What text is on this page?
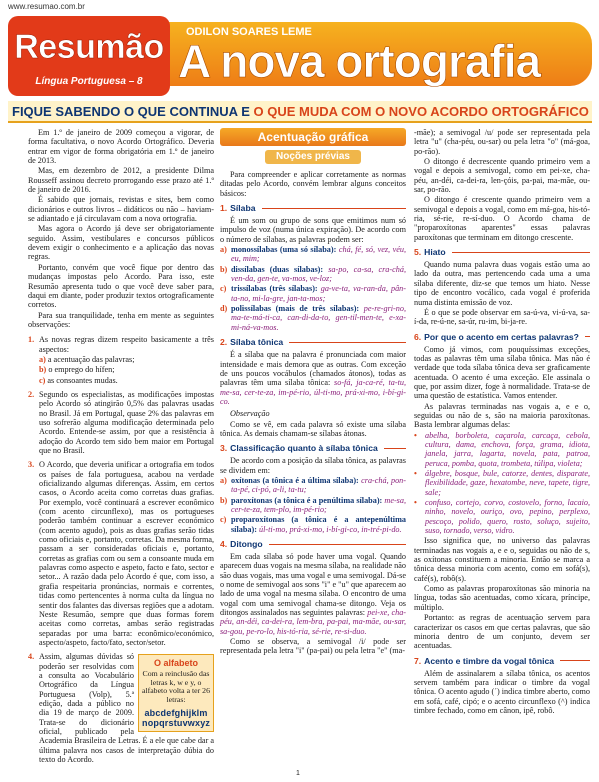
www.resumao.com.br
Resumão
Língua Portuguesa – 8
ODILON SOARES LEME
A nova ortografia
FIQUE SABENDO O QUE CONTINUA E O QUE MUDA COM O NOVO ACORDO ORTOGRÁFICO

Em 1.º de janeiro de 2009 começou a vigorar, de forma facultativa, o novo Acordo Ortográfico. Deveria entrar em vigor de forma obrigatória em 1.º de janeiro de 2013.

Mas, em dezembro de 2012, a presidente Dilma Rousseff assinou decreto prorrogando esse prazo até 1.º de janeiro de 2016.

É sabido que jornais, revistas e sites, bem como dicionários e outros livros – didáticos ou não – haviam-se adiantado e já circulavam com a nova ortografia.

Mas agora o Acordo já deve ser obrigatoriamente seguido. Assim, vestibulares e concursos públicos devem exigir o conhecimento e a aplicação das novas regras.

Portanto, convém que você fique por dentro das mudanças impostas pelo Acordo. Para isso, este Resumão apresenta tudo o que você deve saber para, daqui em diante, poder produzir textos ortograficamente corretos.

Para sua tranquilidade, tenha em mente as seguintes observações:

1. As novas regras dizem respeito basicamente a três aspectos:

a) a acentuação das palavras;

b) o emprego do hífen;

c) as consoantes mudas.

2. Segundo os especialistas, as modificações impostas pelo Acordo só atingirão 0,5% das palavras usadas no Brasil. Já em Portugal, quase 2% das palavras em uso sofrerão alguma modificação determinada pelo Acordo. Entende-se assim, por que a resistência à adoção do Acordo tem sido bem maior em Portugal que no Brasil.

3. O Acordo, que deveria unificar a ortografia em todos os países de fala portuguesa, acabou na verdade oficializando algumas diferenças. Assim, em certos casos, o Acordo aceita como corretas duas grafias. Por exemplo, você continuará a escrever econômico (com acento circunflexo), mas os portugueses poderão também continuar a escrever económico (com acento agudo), pois as duas grafias serão tidas como oficiais e, portanto, corretas. Da mesma forma, passam a ser consideradas oficiais e, portanto, corretas as grafias com ou sem a consoante muda em palavras como aspecto e aspeto, facto e fato, sector e setor... A razão dada pelo Acordo é que, com isso, a grafia respeitaria pronúncias, normais e correntes, tidas como pertencentes à norma culta da língua no sentir dos falantes das diversas regiões que a adotam. Neste Resumão, sempre que duas formas forem aceitas como corretas, ambas serão registradas separadas por uma barra: econômico/económico, aspecto/aspeto, facto/fato, sector/setor.

O alfabeto
Com a reinclusão das letras k, w e y, o alfabeto volta a ter 26 letras:
abcdefghijklm
nopqrstuvwxyz

4. Assim, algumas dúvidas só poderão ser resolvidas com a consulta ao Vocabulário Ortográfico da Língua Portuguesa (Volp), 5.ª edição, dada a público no dia 19 de março de 2009. Trata-se do dicionário oficial, publicado pela Academia Brasileira de Letras. É a ele que cabe dar a última palavra nos casos de interpretação dúbia do texto do Acordo.

Acentuação gráfica
Noções prévias

Para compreender e aplicar corretamente as normas ditadas pelo Acordo, convém lembrar alguns conceitos básicos:

1. Sílaba

É um som ou grupo de sons que emitimos num só impulso de voz (numa única expiração). De acordo com o número de sílabas, as palavras podem ser:

a) monossílabas (uma só sílaba): chá, fé, só, vez, véu, eu, mim;

b) dissílabas (duas sílabas): sa-po, ca-sa, cra-chá, ven-da, gen-te, va-mos, ve-loz;

c) trissílabas (três sílabas): ga-ve-ta, va-ran-da, pân-ta-no, mi-la-gre, jan-ta-mos;

d) polissílabas (mais de três sílabas): pe-re-gri-no, ma-te-má-ti-ca, can-di-da-to, gen-til-men-te, e-xa-mi-ná-va-mos.

2. Sílaba tônica

É a sílaba que na palavra é pronunciada com maior intensidade e mais demora que as outras. Com exceção de uns poucos vocábulos (chamados átonos), todas as palavras têm uma sílaba tônica: so-fá, ja-ca-ré, ta-tu, me-sa, cer-te-za, im-pé-rio, úl-ti-mo, prá-xi-mo, i-bí-gi-co.

Observação

Como se vê, em cada palavra só existe uma sílaba tônica. As demais chamam-se sílabas átonas.

3. Classificação quanto à sílaba tônica

De acordo com a posição da sílaba tônica, as palavras se dividem em:

a) oxítonas (a tônica é a última sílaba): cra-chá, pon-ta-pé, ci-pó, a-li, ta-tu;

b) paroxítonas (a tônica é a penúltima sílaba): me-sa, cer-te-za, tem-plo, im-pé-rio;

c) proparoxítonas (a tônica é a antepenúltima sílaba): úl-ti-mo, prá-xi-mo, i-bí-gi-co, in-tré-pi-do.

4. Ditongo

Em cada sílaba só pode haver uma vogal. Quando aparecem duas vogais na mesma sílaba, na realidade não são duas vogais, mas uma vogal e uma semivogal. Dá-se o nome de semivogal aos sons "i" e "u" que aparecem ao lado de uma vogal na mesma sílaba. O encontro de uma vogal com uma semivogal chama-se ditongo. Veja os ditongos assinalados nas seguintes palavras: pei-xe, cha-péu, an-déi, ca-dei-ra, lem-bra, pa-pai, ma-mãe, ou-sar, sa-gou, pe-ro-lo, his-tó-ria, sé-rie, re-si-duo.

Como se observa, a semivogal /i/ pode ser representada pela letra "i" (pa-pai) ou pela letra "e" (ma-

-mãe); a semivogal /u/ pode ser representada pela letra "u" (cha-péu, ou-sar) ou pela letra "o" (má-goa, po-rão).

O ditongo é decrescente quando primeiro vem a vogal e depois a semivogal, como em pei-xe, cha-péu, an-déi, ca-dei-ra, len-çóis, pa-pai, ma-mãe, ou-sar, po-rão.

O ditongo é crescente quando primeiro vem a semivogal e depois a vogal, como em má-goa, his-tó-ria, sé-rie, re-sí-duo. O Acordo chama de "proparoxítonas aparentes" essas palavras paroxítonas que terminam em ditongo crescente.

5. Hiato

Quando numa palavra duas vogais estão uma ao lado da outra, mas pertencendo cada uma a uma sílaba diferente, diz-se que temos um hiato. Nesse tipo de encontro vocálico, cada vogal é proferida numa distinta emissão de voz.

É o que se pode observar em sa-ú-va, vi-ú-va, sa-í-da, re-ú-ne, sa-úr, ru-im, bi-ja-re.

6. Por que o acento em certas palavras?

Como já vimos, com pouquíssimas exceções, todas as palavras têm uma sílaba tônica. Mas não é verdade que toda sílaba tônica deva ser graficamente acentuada. O acento é uma exceção. Ele assinala o que, por assim dizer, foge à normalidade. Trata-se de uma questão de estatística. Vamos entender.

As palavras terminadas nas vogais a, e e o, seguidas ou não de s, são na maioria paroxítonas. Basta lembrar algumas delas:

• abelha, borboleta, caçarola, carcaça, cebola, cultura, dama, enchova, força, grama, idiota, janela, jarra, lagarta, novela, pata, patroa, peruca, pomba, quota, trombeta, túlipa, violeta;

• álgebre, bosque, bule, catorze, dentes, disparate, flexibilidade, gaze, hexatombe, neve, tapete, tigre, sale;

• confuso, cortejo, corvo, costovelo, forno, lacaio, ninho, novelo, ouriço, ovo, pepino, perplexo, pescoço, polido, quero, rosto, soluço, sujeito, suso, tornado, verso, vidro.

Isso significa que, no universo das palavras terminadas nas vogais a, e e o, seguidas ou não de s, as oxítonas constituem a minoria. Então se marca a tônica dessa minoria com acento, como em sofá(s), café(s), robô(s).

Como as palavras proparoxítonas são minoria na língua, todas são acentuadas, como xícara, príncipe, múltiplo.

Portanto: as regras de acentuação servem para caracterizar os casos em que certas palavras, que são minoria dentro de um conjunto, devem ser acentuadas.

7. Acento e timbre da vogal tônica

Além de assinalarem a sílaba tônica, os acentos servem também para indicar o timbre da vogal tônica. O acento agudo (´) indica timbre aberto, como em sofá, café, cipó; e o acento circunflexo (^) indica timbre fechado, como em cânon, ipê, robô.

1
